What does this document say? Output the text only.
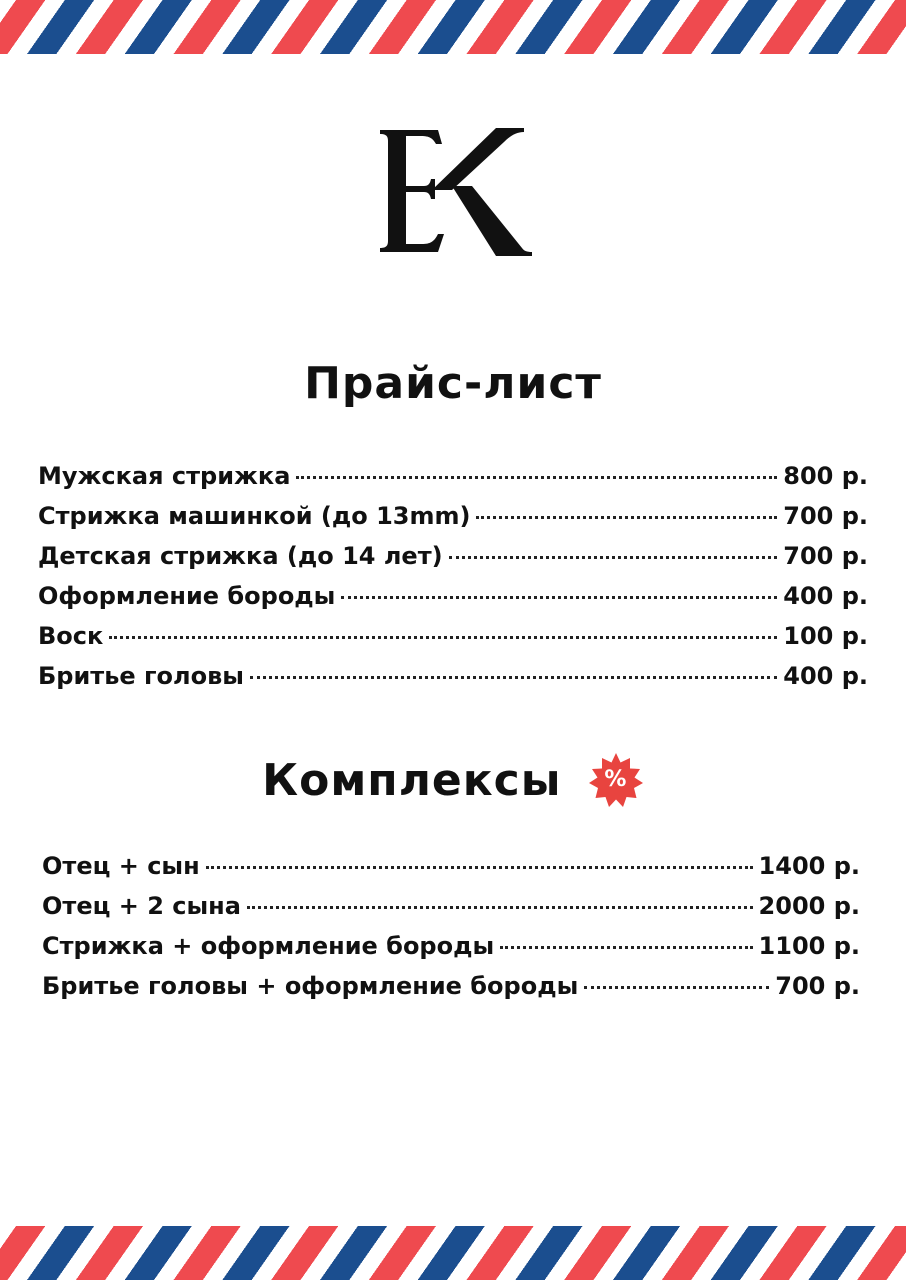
Прайс-лист
Мужская стрижка	800 р.
Стрижка машинкой (до 13mm)	700 р.
Детская стрижка (до 14 лет)	700 р.
Оформление бороды	400 р.
Воск	100 р.
Бритье головы	400 р.
Комплексы	%
Отец + сын	1400 р.
Отец + 2 сына	2000 р.
Стрижка + оформление бороды	1100 р.
Бритье головы + оформление бороды	700 р.
